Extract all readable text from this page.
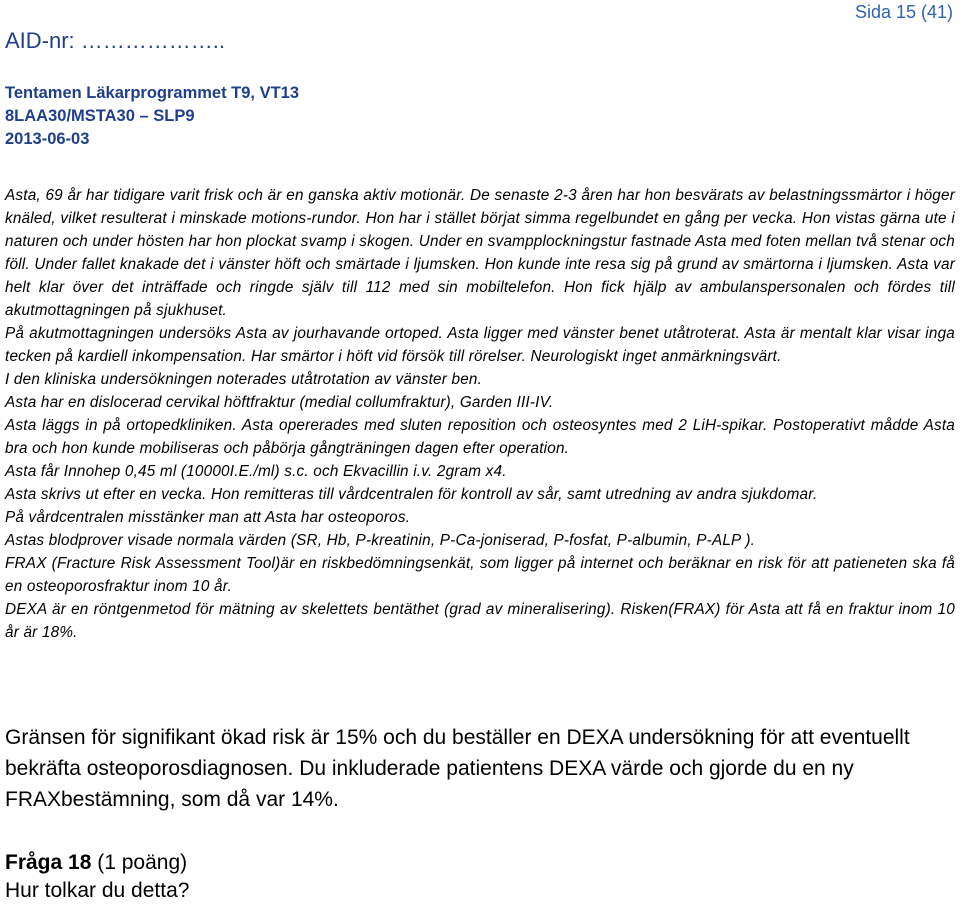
Sida 15 (41)
AID-nr: ………………..
Tentamen Läkarprogrammet T9, VT13
8LAA30/MSTA30 – SLP9
2013-06-03

Asta, 69 år har tidigare varit frisk och är en ganska aktiv motionär. De senaste 2-3 åren har hon besvärats av belastningssmärtor i höger knäled, vilket resulterat i minskade motions-rundor. Hon har i stället börjat simma regelbundet en gång per vecka. Hon vistas gärna ute i naturen och under hösten har hon plockat svamp i skogen. Under en svampplockningstur fastnade Asta med foten mellan två stenar och föll. Under fallet knakade det i vänster höft och smärtade i ljumsken. Hon kunde inte resa sig på grund av smärtorna i ljumsken. Asta var helt klar över det inträffade och ringde själv till 112 med sin mobiltelefon. Hon fick hjälp av ambulanspersonalen och fördes till akutmottagningen på sjukhuset.

På akutmottagningen undersöks Asta av jourhavande ortoped. Asta ligger med vänster benet utåtroterat. Asta är mentalt klar visar inga tecken på kardiell inkompensation. Har smärtor i höft vid försök till rörelser. Neurologiskt inget anmärkningsvärt.

I den kliniska undersökningen noterades utåtrotation av vänster ben.

Asta har en dislocerad cervikal höftfraktur (medial collumfraktur), Garden III-IV.

Asta läggs in på ortopedkliniken. Asta opererades med sluten reposition och osteosyntes med 2 LiH-spikar. Postoperativt mådde Asta bra och hon kunde mobiliseras och påbörja gångträningen dagen efter operation.

Asta får Innohep 0,45 ml (10000I.E./ml) s.c. och Ekvacillin i.v. 2gram x4.

Asta skrivs ut efter en vecka. Hon remitteras till vårdcentralen för kontroll av sår, samt utredning av andra sjukdomar.

På vårdcentralen misstänker man att Asta har osteoporos.

Astas blodprover visade normala värden (SR, Hb, P-kreatinin, P-Ca-joniserad, P-fosfat, P-albumin, P-ALP ).

FRAX (Fracture Risk Assessment Tool)är en riskbedömningsenkät, som ligger på internet och beräknar en risk för att patieneten ska få en osteoporosfraktur inom 10 år.

DEXA är en röntgenmetod för mätning av skelettets bentäthet (grad av mineralisering). Risken(FRAX) för Asta att få en fraktur inom 10 år är 18%.

Gränsen för signifikant ökad risk är 15% och du beställer en DEXA undersökning för att eventuellt bekräfta osteoporosdiagnosen. Du inkluderade patientens DEXA värde och gjorde du en ny FRAXbestämning, som då var 14%.
Fråga 18 (1 poäng)
Hur tolkar du detta?
